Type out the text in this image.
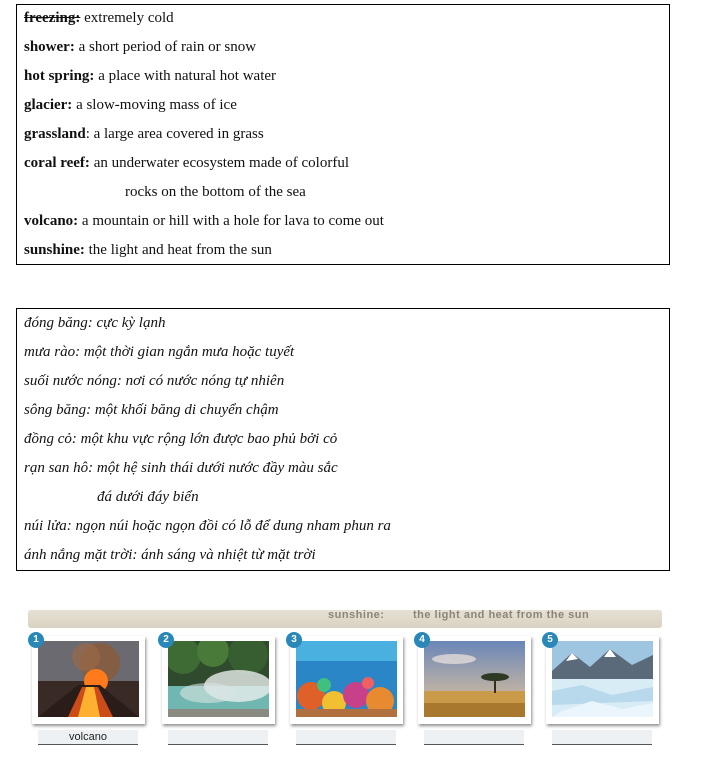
freezing: extremely cold
shower: a short period of rain or snow
hot spring: a place with natural hot water
glacier: a slow-moving mass of ice
grassland: a large area covered in grass
coral reef: an underwater ecosystem made of colorful
rocks on the bottom of the sea
volcano: a mountain or hill with a hole for lava to come out
sunshine: the light and heat from the sun
đóng băng: cực kỳ lạnh
mưa rào: một thời gian ngắn mưa hoặc tuyết
suối nước nóng: nơi có nước nóng tự nhiên
sông băng: một khối băng di chuyển chậm
đồng cỏ: một khu vực rộng lớn được bao phủ bởi cỏ
rạn san hô: một hệ sinh thái dưới nước đầy màu sắc
đá dưới đáy biển
núi lửa: ngọn núi hoặc ngọn đồi có lỗ để dung nham phun ra
ánh nắng mặt trời: ánh sáng và nhiệt từ mặt trời
sunshine:	the light and heat from the sun
1
volcano
2	3	4	5
